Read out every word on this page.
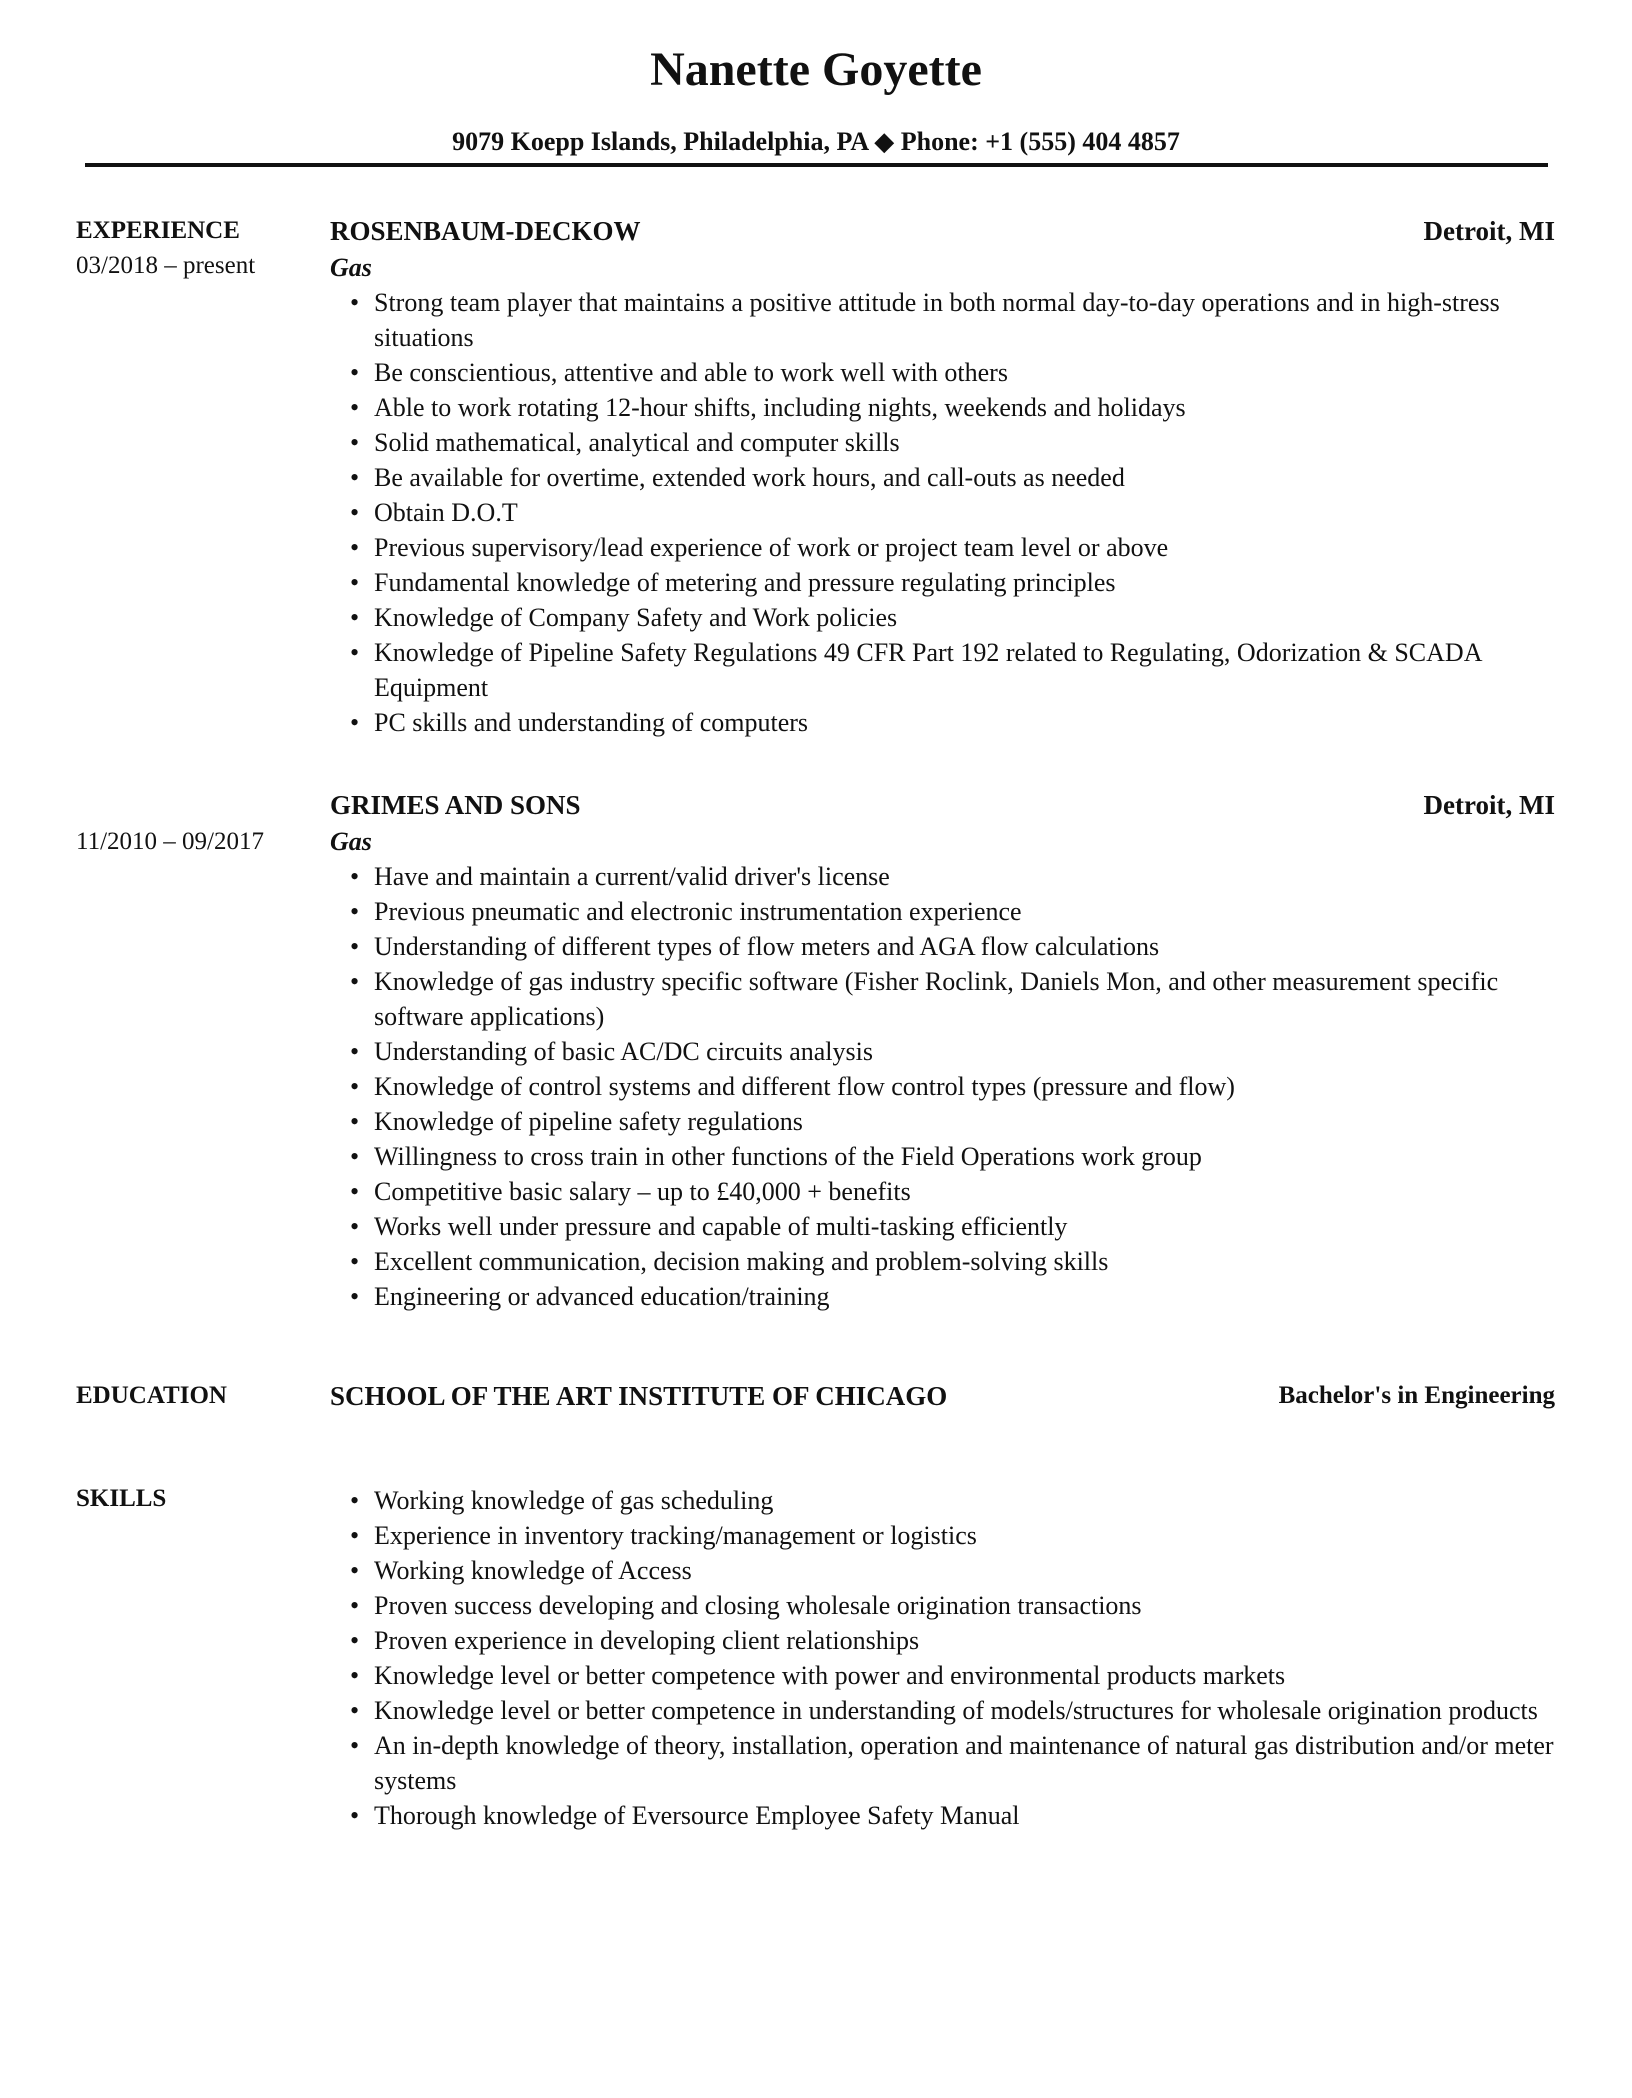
Nanette Goyette
9079 Koepp Islands, Philadelphia, PA ◆ Phone: +1 (555) 404 4857
EXPERIENCE
03/2018 – present
ROSENBAUM-DECKOW	Detroit, MI
Gas
• Strong team player that maintains a positive attitude in both normal day-to-day operations and in high-stress situations
• Be conscientious, attentive and able to work well with others
• Able to work rotating 12-hour shifts, including nights, weekends and holidays
• Solid mathematical, analytical and computer skills
• Be available for overtime, extended work hours, and call-outs as needed
• Obtain D.O.T
• Previous supervisory/lead experience of work or project team level or above
• Fundamental knowledge of metering and pressure regulating principles
• Knowledge of Company Safety and Work policies
• Knowledge of Pipeline Safety Regulations 49 CFR Part 192 related to Regulating, Odorization & SCADA Equipment
• PC skills and understanding of computers
GRIMES AND SONS	Detroit, MI
11/2010 – 09/2017	Gas
• Have and maintain a current/valid driver's license
• Previous pneumatic and electronic instrumentation experience
• Understanding of different types of flow meters and AGA flow calculations
• Knowledge of gas industry specific software (Fisher Roclink, Daniels Mon, and other measurement specific software applications)
• Understanding of basic AC/DC circuits analysis
• Knowledge of control systems and different flow control types (pressure and flow)
• Knowledge of pipeline safety regulations
• Willingness to cross train in other functions of the Field Operations work group
• Competitive basic salary – up to £40,000 + benefits
• Works well under pressure and capable of multi-tasking efficiently
• Excellent communication, decision making and problem-solving skills
• Engineering or advanced education/training
EDUCATION	SCHOOL OF THE ART INSTITUTE OF CHICAGO	Bachelor's in Engineering
SKILLS	• Working knowledge of gas scheduling
• Experience in inventory tracking/management or logistics
• Working knowledge of Access
• Proven success developing and closing wholesale origination transactions
• Proven experience in developing client relationships
• Knowledge level or better competence with power and environmental products markets
• Knowledge level or better competence in understanding of models/structures for wholesale origination products
• An in-depth knowledge of theory, installation, operation and maintenance of natural gas distribution and/or meter systems
• Thorough knowledge of Eversource Employee Safety Manual
